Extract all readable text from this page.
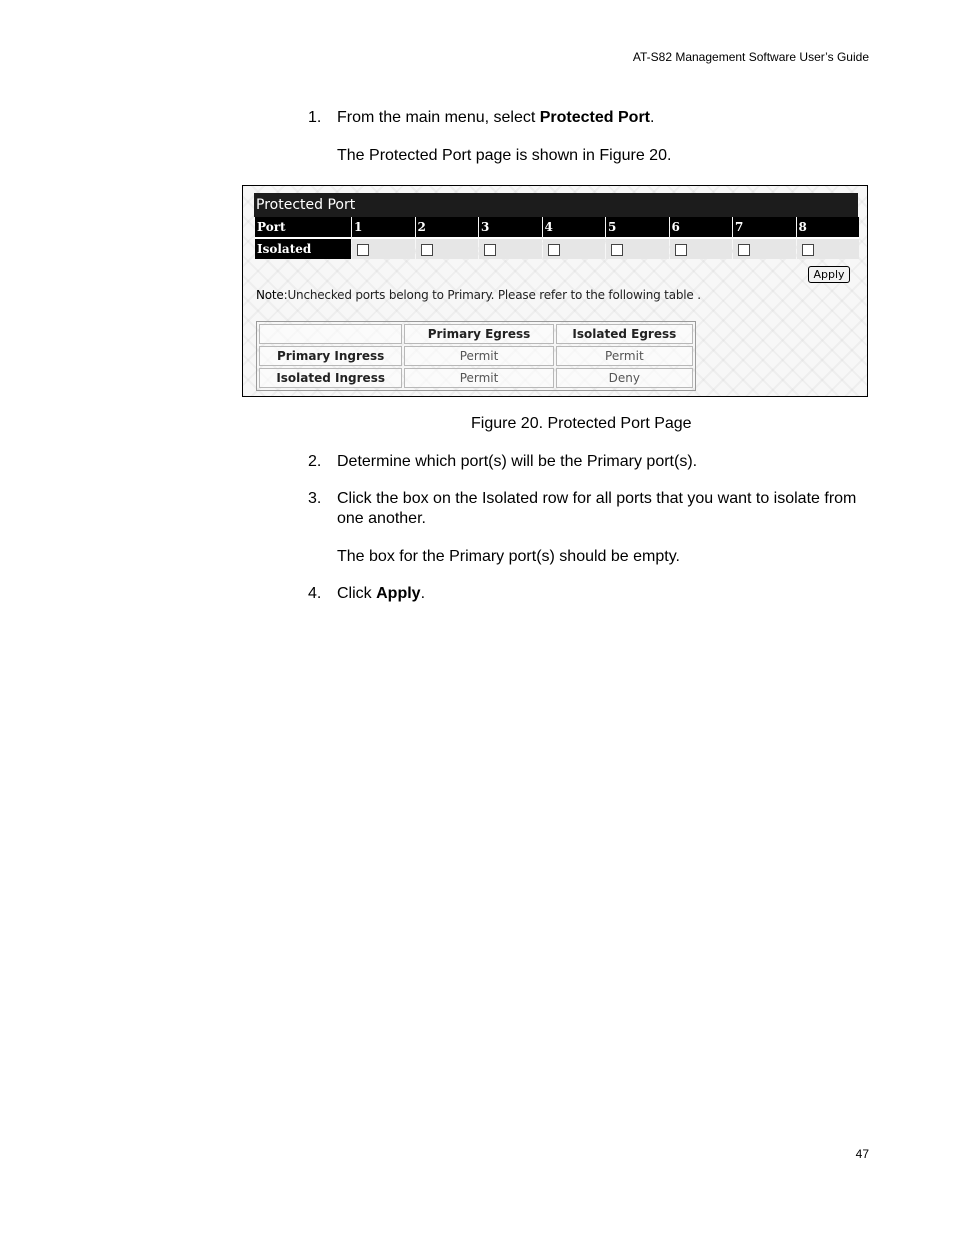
AT-S82 Management Software User’s Guide
1. From the main menu, select Protected Port.
The Protected Port page is shown in Figure 20.
Protected Port
Port	1	2	3	4	5	6	7	8
Isolated								
Apply
Note:Unchecked ports belong to Primary. Please refer to the following table .
	Primary Egress	Isolated Egress
Primary Ingress	Permit	Permit
Isolated Ingress	Permit	Deny
Figure 20. Protected Port Page
2. Determine which port(s) will be the Primary port(s).
3. Click the box on the Isolated row for all ports that you want to isolate from one another.
The box for the Primary port(s) should be empty.
4. Click Apply.
47
